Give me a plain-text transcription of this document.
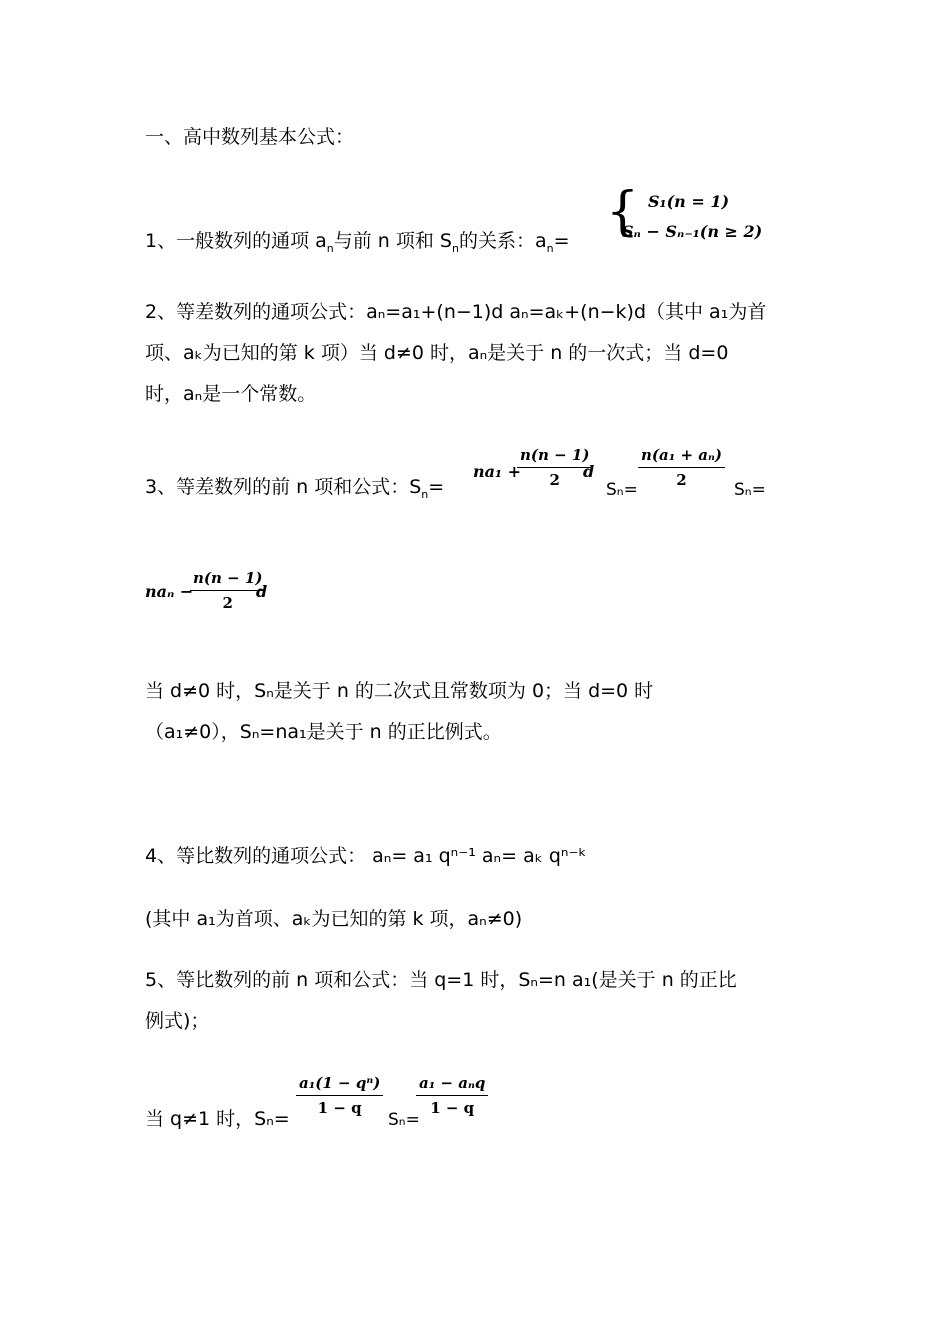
一、高中数列基本公式：
1、一般数列的通项 $a_n$与前 n 项和 $S_n$的关系：$a_n=$ { S₁(n = 1)
Sₙ − Sₙ₋₁(n ≥ 2)
2、等差数列的通项公式：aₙ=a₁+(n−1)d aₙ=aₖ+(n−k)d（其中 a₁为首
项、aₖ为已知的第 k 项）当 d≠0 时，aₙ是关于 n 的一次式；当 d=0
时，aₙ是一个常数。
3、等差数列的前 n 项和公式：$S_n=$
na₁ +
$\frac{n(n - 1)}{2}$
d
Sₙ=
$\frac{\text{n(a₁ + aₙ)}}{2}$
Sₙ=
naₙ −
$\frac{n(n - 1)}{2}$
d
当 d≠0 时，Sₙ是关于 n 的二次式且常数项为 0；当 d=0 时
（a₁≠0），Sₙ=na₁是关于 n 的正比例式。
4、等比数列的通项公式： aₙ= a₁ qⁿ⁻¹ aₙ= aₖ qⁿ⁻ᵏ
(其中 a₁为首项、aₖ为已知的第 k 项，aₙ≠0)
5、等比数列的前 n 项和公式：当 q=1 时，Sₙ=n a₁(是关于 n 的正比
例式)；
当 q≠1 时，Sₙ=
$\frac{\text{a₁(1 − qⁿ)}}{1 - q}$
Sₙ=
a₁ − aₙq
1 − q
